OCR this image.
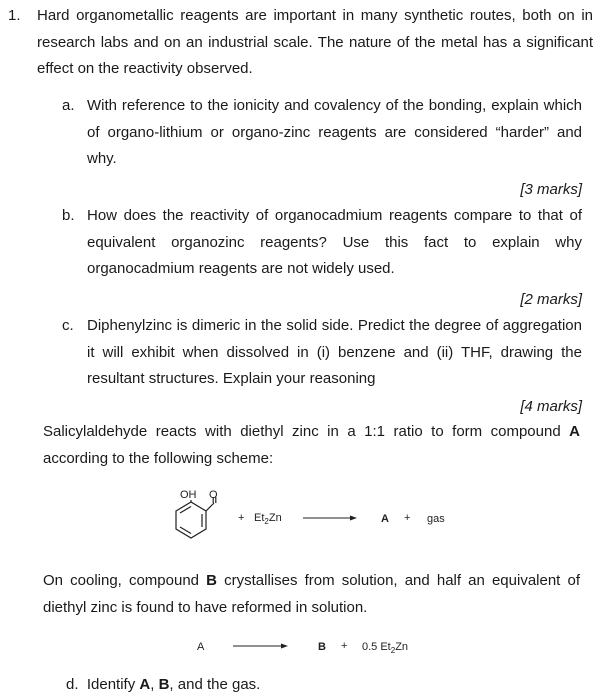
1. Hard organometallic reagents are important in many synthetic routes, both on in research labs and on an industrial scale. The nature of the metal has a significant effect on the reactivity observed.
a. With reference to the ionicity and covalency of the bonding, explain which of organo-lithium or organo-zinc reagents are considered “harder” and why.
[3 marks]
b. How does the reactivity of organocadmium reagents compare to that of equivalent organozinc reagents? Use this fact to explain why organocadmium reagents are not widely used.
[2 marks]
c. Diphenylzinc is dimeric in the solid side. Predict the degree of aggregation it will exhibit when dissolved in (i) benzene and (ii) THF, drawing the resultant structures. Explain your reasoning
[4 marks]
Salicylaldehyde reacts with diethyl zinc in a 1:1 ratio to form compound A according to the following scheme:
OH O
+ $Et_2Zn$	A + gas
A	B + 0.5 $Et_2Zn$
On cooling, compound B crystallises from solution, and half an equivalent of diethyl zinc is found to have reformed in solution.
d. Identify A, B, and the gas.
